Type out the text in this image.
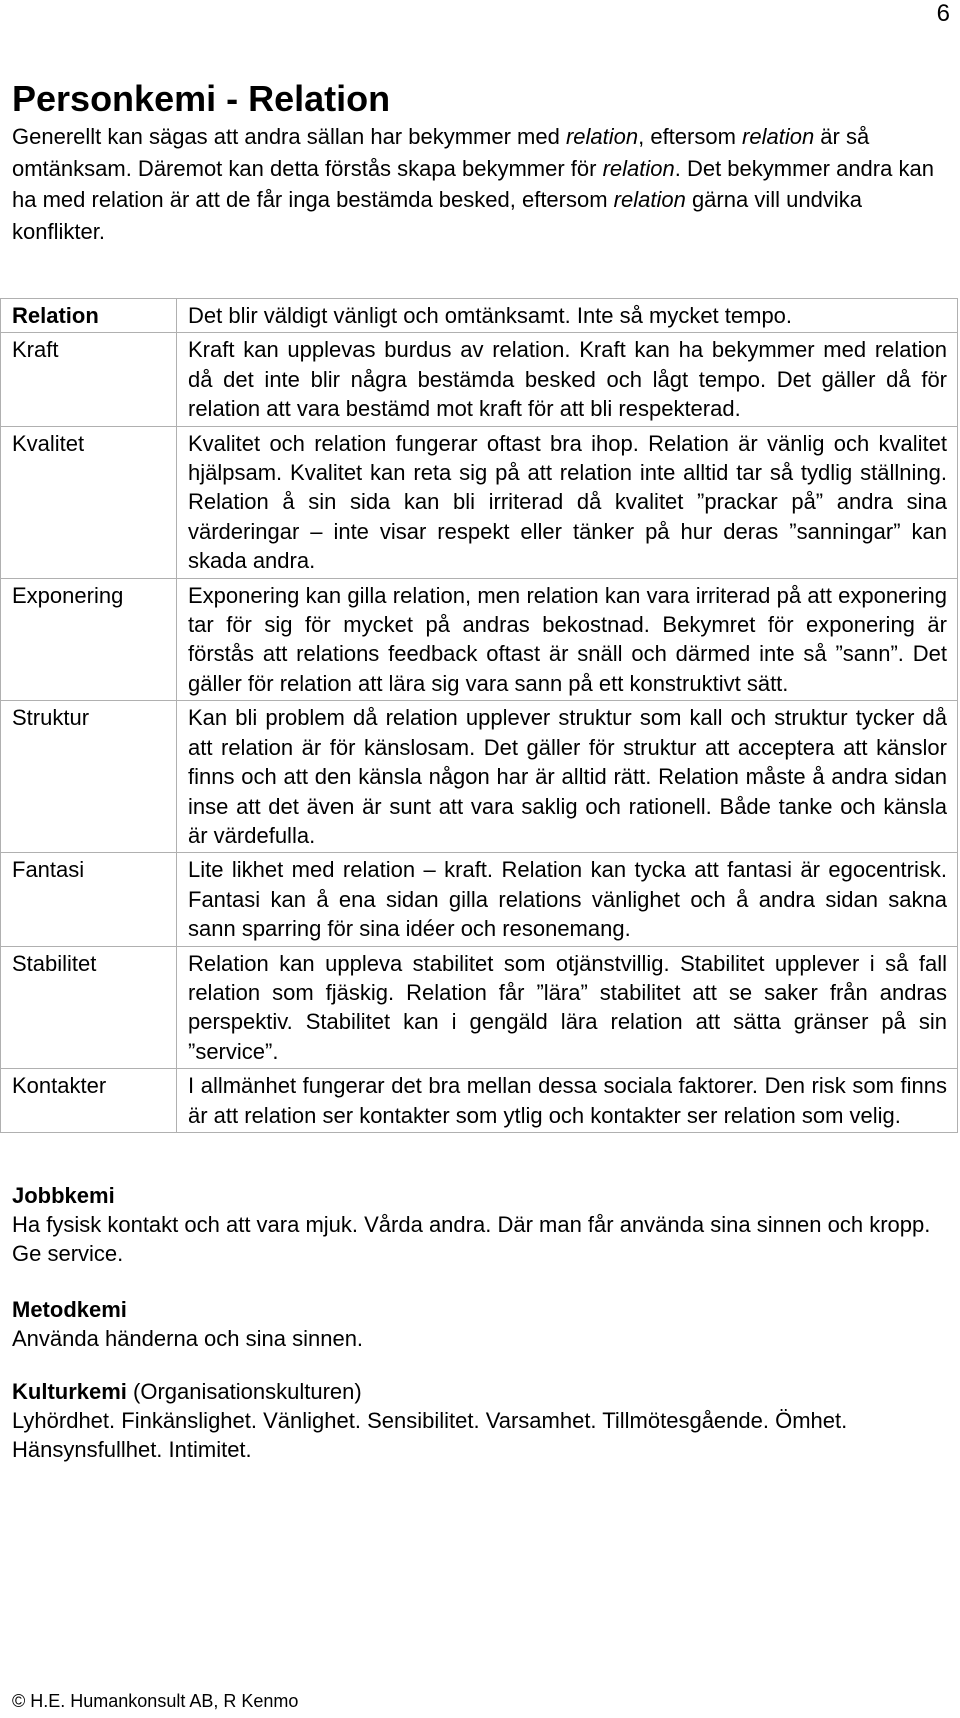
6
Personkemi - Relation

Generellt kan sägas att andra sällan har bekymmer med relation, eftersom relation är så omtänksam. Däremot kan detta förstås skapa bekymmer för relation. Det bekymmer andra kan ha med relation är att de får inga bestämda besked, eftersom relation gärna vill undvika konflikter.

Relation	Det blir väldigt vänligt och omtänksamt. Inte så mycket tempo.
Kraft	Kraft kan upplevas burdus av relation. Kraft kan ha bekymmer med relation då det inte blir några bestämda besked och lågt tempo. Det gäller då för relation att vara bestämd mot kraft för att bli respekterad.
Kvalitet	Kvalitet och relation fungerar oftast bra ihop. Relation är vänlig och kvalitet hjälpsam. Kvalitet kan reta sig på att relation inte alltid tar så tydlig ställning. Relation å sin sida kan bli irriterad då kvalitet ”prackar på” andra sina värderingar – inte visar respekt eller tänker på hur deras ”sanningar” kan skada andra.
Exponering	Exponering kan gilla relation, men relation kan vara irriterad på att exponering tar för sig för mycket på andras bekostnad. Bekymret för exponering är förstås att relations feedback oftast är snäll och därmed inte så ”sann”. Det gäller för relation att lära sig vara sann på ett konstruktivt sätt.
Struktur	Kan bli problem då relation upplever struktur som kall och struktur tycker då att relation är för känslosam. Det gäller för struktur att acceptera att känslor finns och att den känsla någon har är alltid rätt. Relation måste å andra sidan inse att det även är sunt att vara saklig och rationell. Både tanke och känsla är värdefulla.
Fantasi	Lite likhet med relation – kraft. Relation kan tycka att fantasi är egocentrisk. Fantasi kan å ena sidan gilla relations vänlighet och å andra sidan sakna sann sparring för sina idéer och resonemang.
Stabilitet	Relation kan uppleva stabilitet som otjänstvillig. Stabilitet upplever i så fall relation som fjäskig. Relation får ”lära” stabilitet att se saker från andras perspektiv. Stabilitet kan i gengäld lära relation att sätta gränser på sin ”service”.
Kontakter	I allmänhet fungerar det bra mellan dessa sociala faktorer. Den risk som finns är att relation ser kontakter som ytlig och kontakter ser relation som velig.
Jobbkemi
Ha fysisk kontakt och att vara mjuk. Vårda andra. Där man får använda sina sinnen och kropp. Ge service.
Metodkemi
Använda händerna och sina sinnen.
Kulturkemi (Organisationskulturen)
Lyhördhet. Finkänslighet. Vänlighet. Sensibilitet. Varsamhet. Tillmötesgående. Ömhet. Hänsynsfullhet. Intimitet.
© H.E. Humankonsult AB, R Kenmo
